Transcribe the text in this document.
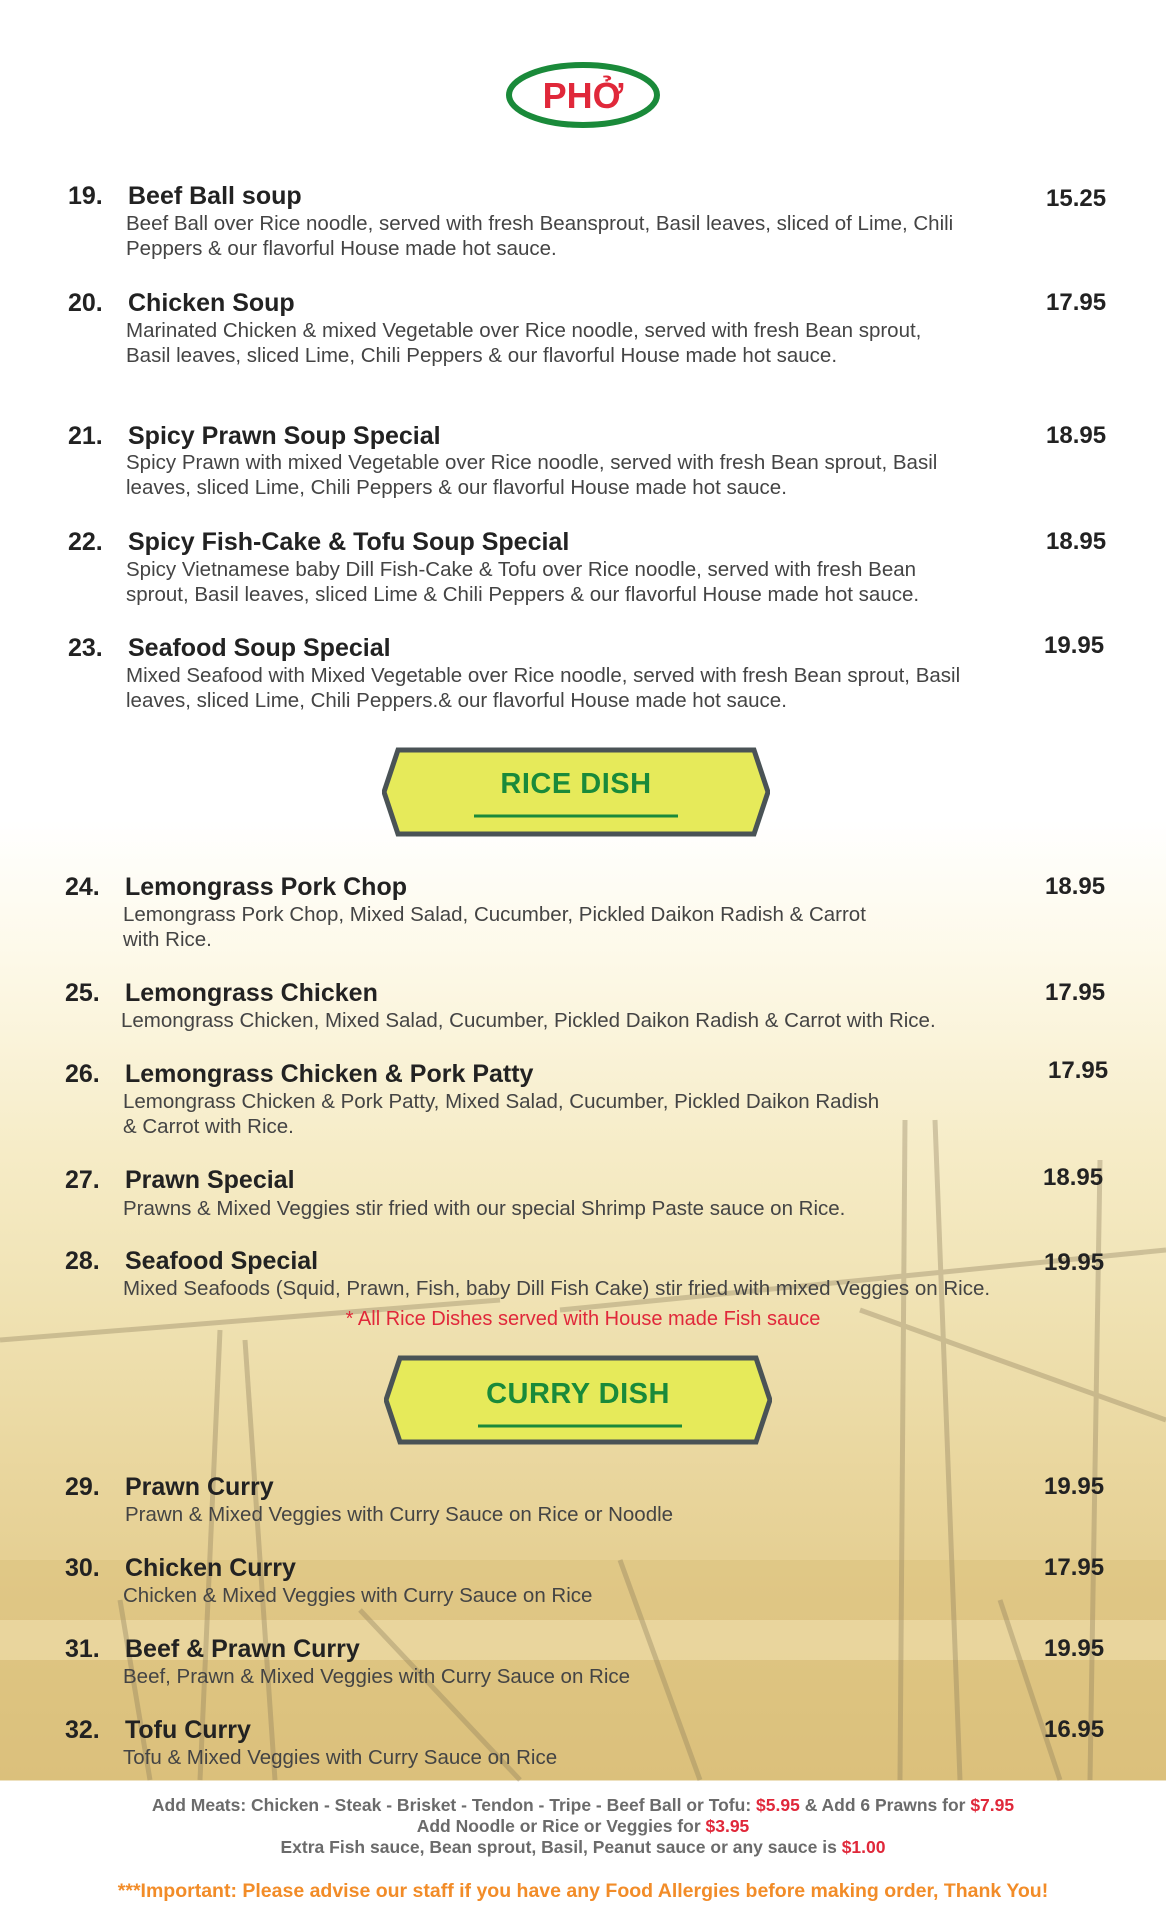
PHỞ
19. Beef Ball soup	15.25
Beef Ball over Rice noodle, served with fresh Beansprout, Basil leaves, sliced of Lime, Chili
Peppers & our flavorful House made hot sauce.
20. Chicken Soup	17.95
Marinated Chicken & mixed Vegetable over Rice noodle, served with fresh Bean sprout,
Basil leaves, sliced Lime, Chili Peppers & our flavorful House made hot sauce.
21. Spicy Prawn Soup Special	18.95
Spicy Prawn with mixed Vegetable over Rice noodle, served with fresh Bean sprout, Basil
leaves, sliced Lime, Chili Peppers & our flavorful House made hot sauce.
22. Spicy Fish-Cake & Tofu Soup Special	18.95
Spicy Vietnamese baby Dill Fish-Cake & Tofu over Rice noodle, served with fresh Bean
sprout, Basil leaves, sliced Lime & Chili Peppers & our flavorful House made hot sauce.
23. Seafood Soup Special	19.95
Mixed Seafood with Mixed Vegetable over Rice noodle, served with fresh Bean sprout, Basil
leaves, sliced Lime, Chili Peppers.& our flavorful House made hot sauce.
RICE DISH
24. Lemongrass Pork Chop	18.95
Lemongrass Pork Chop, Mixed Salad, Cucumber, Pickled Daikon Radish & Carrot
with Rice.
25. Lemongrass Chicken	17.95
Lemongrass Chicken, Mixed Salad, Cucumber, Pickled Daikon Radish & Carrot with Rice.
26. Lemongrass Chicken & Pork Patty	17.95
Lemongrass Chicken & Pork Patty, Mixed Salad, Cucumber, Pickled Daikon Radish
& Carrot with Rice.
27. Prawn Special	18.95
Prawns & Mixed Veggies stir fried with our special Shrimp Paste sauce on Rice.
28. Seafood Special	19.95
Mixed Seafoods (Squid, Prawn, Fish, baby Dill Fish Cake) stir fried with mixed Veggies on Rice.
* All Rice Dishes served with House made Fish sauce
CURRY DISH
29. Prawn Curry	19.95
Prawn & Mixed Veggies with Curry Sauce on Rice or Noodle
30. Chicken Curry	17.95
Chicken & Mixed Veggies with Curry Sauce on Rice
31. Beef & Prawn Curry	19.95
Beef, Prawn & Mixed Veggies with Curry Sauce on Rice
32. Tofu Curry	16.95
Tofu & Mixed Veggies with Curry Sauce on Rice
Add Meats: Chicken - Steak - Brisket - Tendon - Tripe - Beef Ball or Tofu: $5.95 & Add 6 Prawns for $7.95
Add Noodle or Rice or Veggies for $3.95
Extra Fish sauce, Bean sprout, Basil, Peanut sauce or any sauce is $1.00
***Important: Please advise our staff if you have any Food Allergies before making order, Thank You!
